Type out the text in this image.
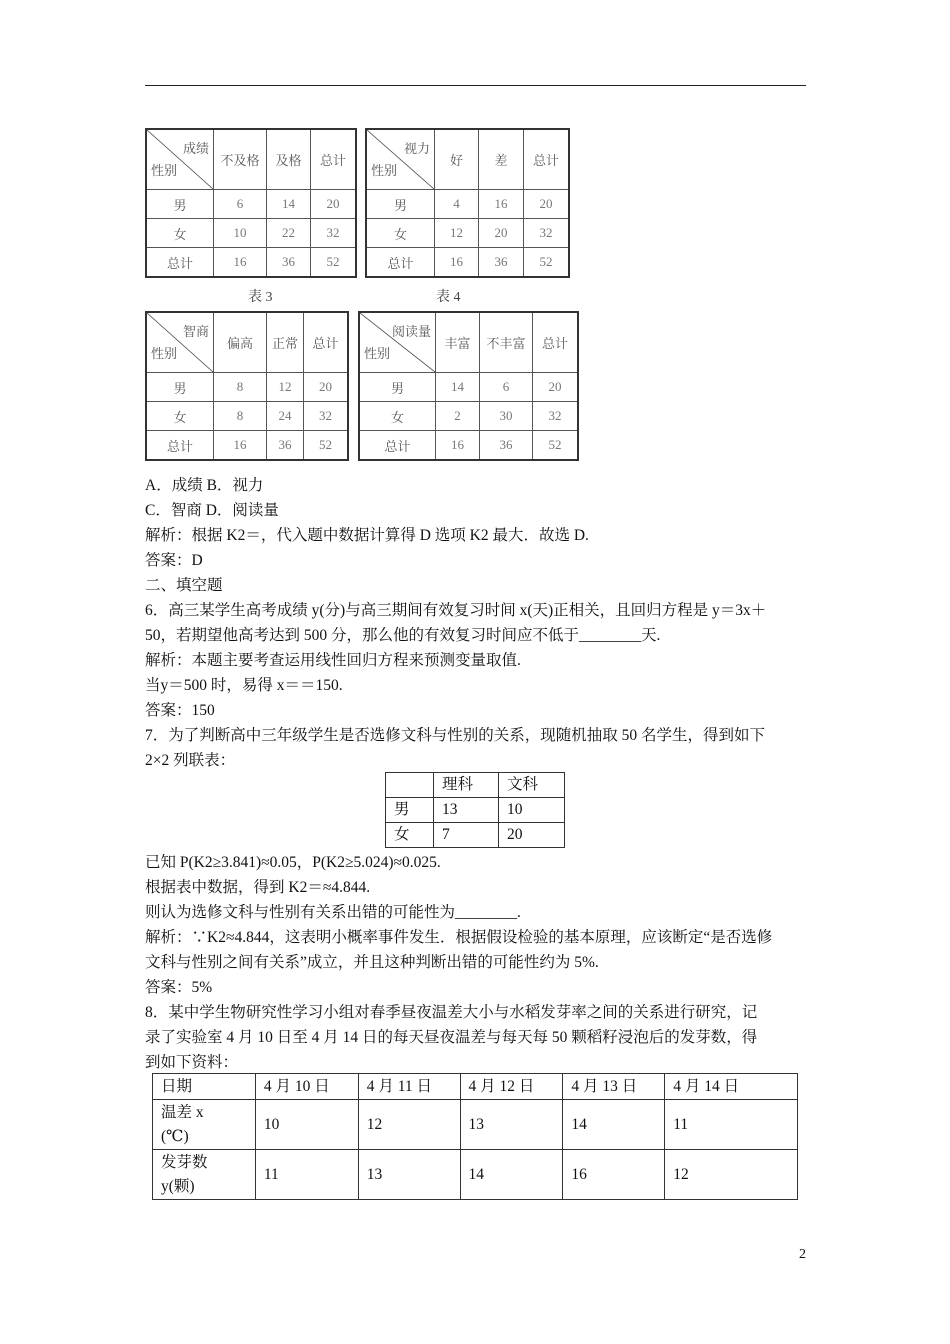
成绩
性别	不及格	及格	总计
男	6	14	20
女	10	22	32
总计	16	36	52
视力
性别	好	差	总计
男	4	16	20
女	12	20	32
总计	16	36	52
智商
性别	偏高	正常	总计
男	8	12	20
女	8	24	32
总计	16	36	52
阅读量
性别	丰富	不丰富	总计
男	14	6	20
女	2	30	32
总计	16	36	52
表 3	表 4
A．成绩 B．视力
C．智商 D．阅读量
解析：根据 K2＝，代入题中数据计算得 D 选项 K2 最大．故选 D.
答案：D
二、填空题
6．高三某学生高考成绩 y(分)与高三期间有效复习时间 x(天)正相关，且回归方程是 y＝3x＋
50，若期望他高考达到 500 分，那么他的有效复习时间应不低于________天.
解析：本题主要考查运用线性回归方程来预测变量取值.
当y＝500 时，易得 x＝＝150.
答案：150
7．为了判断高中三年级学生是否选修文科与性别的关系，现随机抽取 50 名学生，得到如下
2×2 列联表：
	理科	文科
男	13	10
女	7	20
已知 P(K2≥3.841)≈0.05，P(K2≥5.024)≈0.025.
根据表中数据，得到 K2＝≈4.844.
则认为选修文科与性别有关系出错的可能性为________.
解析：∵K2≈4.844，这表明小概率事件发生．根据假设检验的基本原理，应该断定“是否选修
文科与性别之间有关系”成立，并且这种判断出错的可能性约为 5%.
答案：5%
8．某中学生物研究性学习小组对春季昼夜温差大小与水稻发芽率之间的关系进行研究，记
录了实验室 4 月 10 日至 4 月 14 日的每天昼夜温差与每天每 50 颗稻籽浸泡后的发芽数，得
到如下资料：
日期	4 月 10 日	4 月 11 日	4 月 12 日	4 月 13 日	4 月 14 日

温差 x
(℃)	10	12	13	14	11

发芽数
y(颗)	11	13	14	16	12
2
